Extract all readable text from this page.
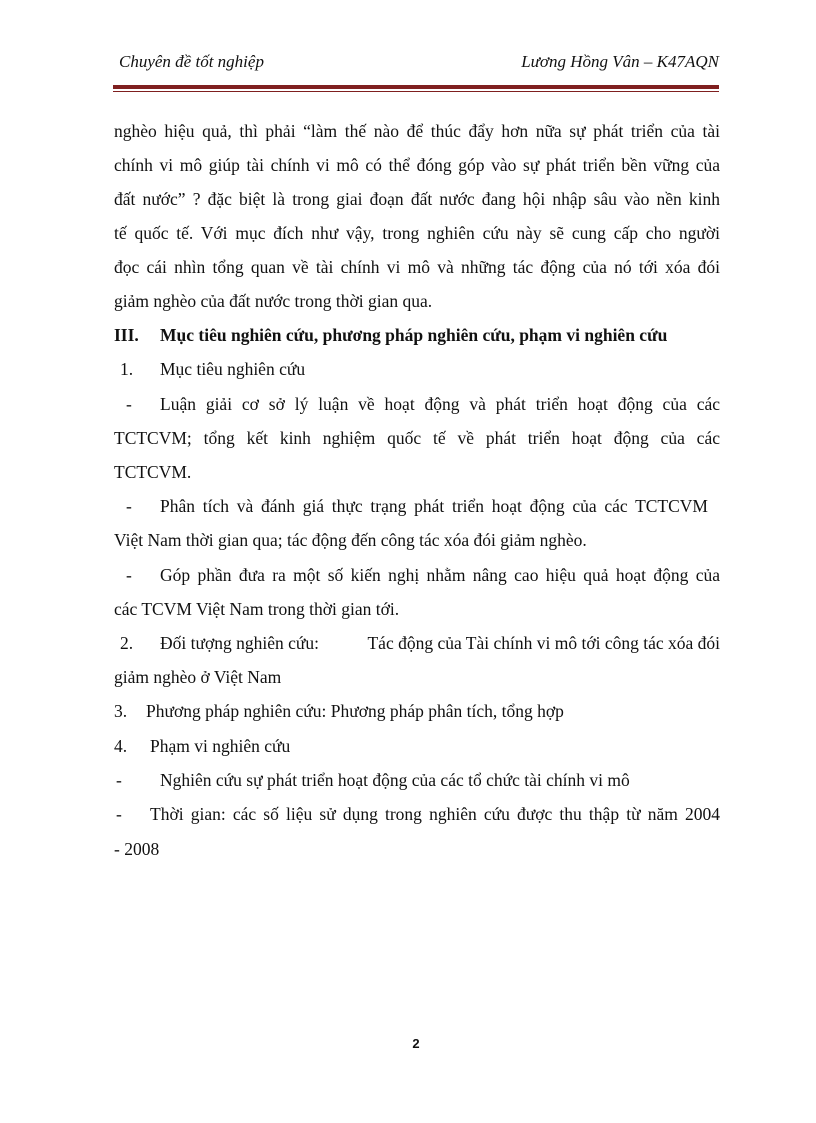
Chuyên đề tốt nghiệp	Lương Hồng Vân – K47AQN
nghèo hiệu quả, thì phải “làm thế nào để thúc đẩy hơn nữa sự phát triển của tài
chính vi mô giúp tài chính vi mô có thể đóng góp vào sự phát triển bền vững của
đất nước” ? đặc biệt là trong giai đoạn đất nước đang hội nhập sâu vào nền kinh
tế quốc tế. Với mục đích như vậy, trong nghiên cứu này sẽ cung cấp cho người
đọc cái nhìn tổng quan về tài chính vi mô và những tác động của nó tới xóa đói
giảm nghèo của đất nước trong thời gian qua.
III. Mục tiêu nghiên cứu, phương pháp nghiên cứu, phạm vi nghiên cứu
1. Mục tiêu nghiên cứu
- Luận giải cơ sở lý luận về hoạt động và phát triển hoạt động của các
TCTCVM; tổng kết kinh nghiệm quốc tế về phát triển hoạt động của các
TCTCVM.
- Phân tích và đánh giá thực trạng phát triển hoạt động của các TCTCVM
Việt Nam thời gian qua; tác động đến công tác xóa đói giảm nghèo.
- Góp phần đưa ra một số kiến nghị nhằm nâng cao hiệu quả hoạt động của
các TCVM Việt Nam trong thời gian tới.
2. Đối tượng nghiên cứu:	Tác động của Tài chính vi mô tới công tác xóa đói
giảm nghèo ở Việt Nam
3. Phương pháp nghiên cứu: Phương pháp phân tích, tổng hợp
4. Phạm vi nghiên cứu
- Nghiên cứu sự phát triển hoạt động của các tổ chức tài chính vi mô
- Thời gian: các số liệu sử dụng trong nghiên cứu được thu thập từ năm 2004
- 2008
2
